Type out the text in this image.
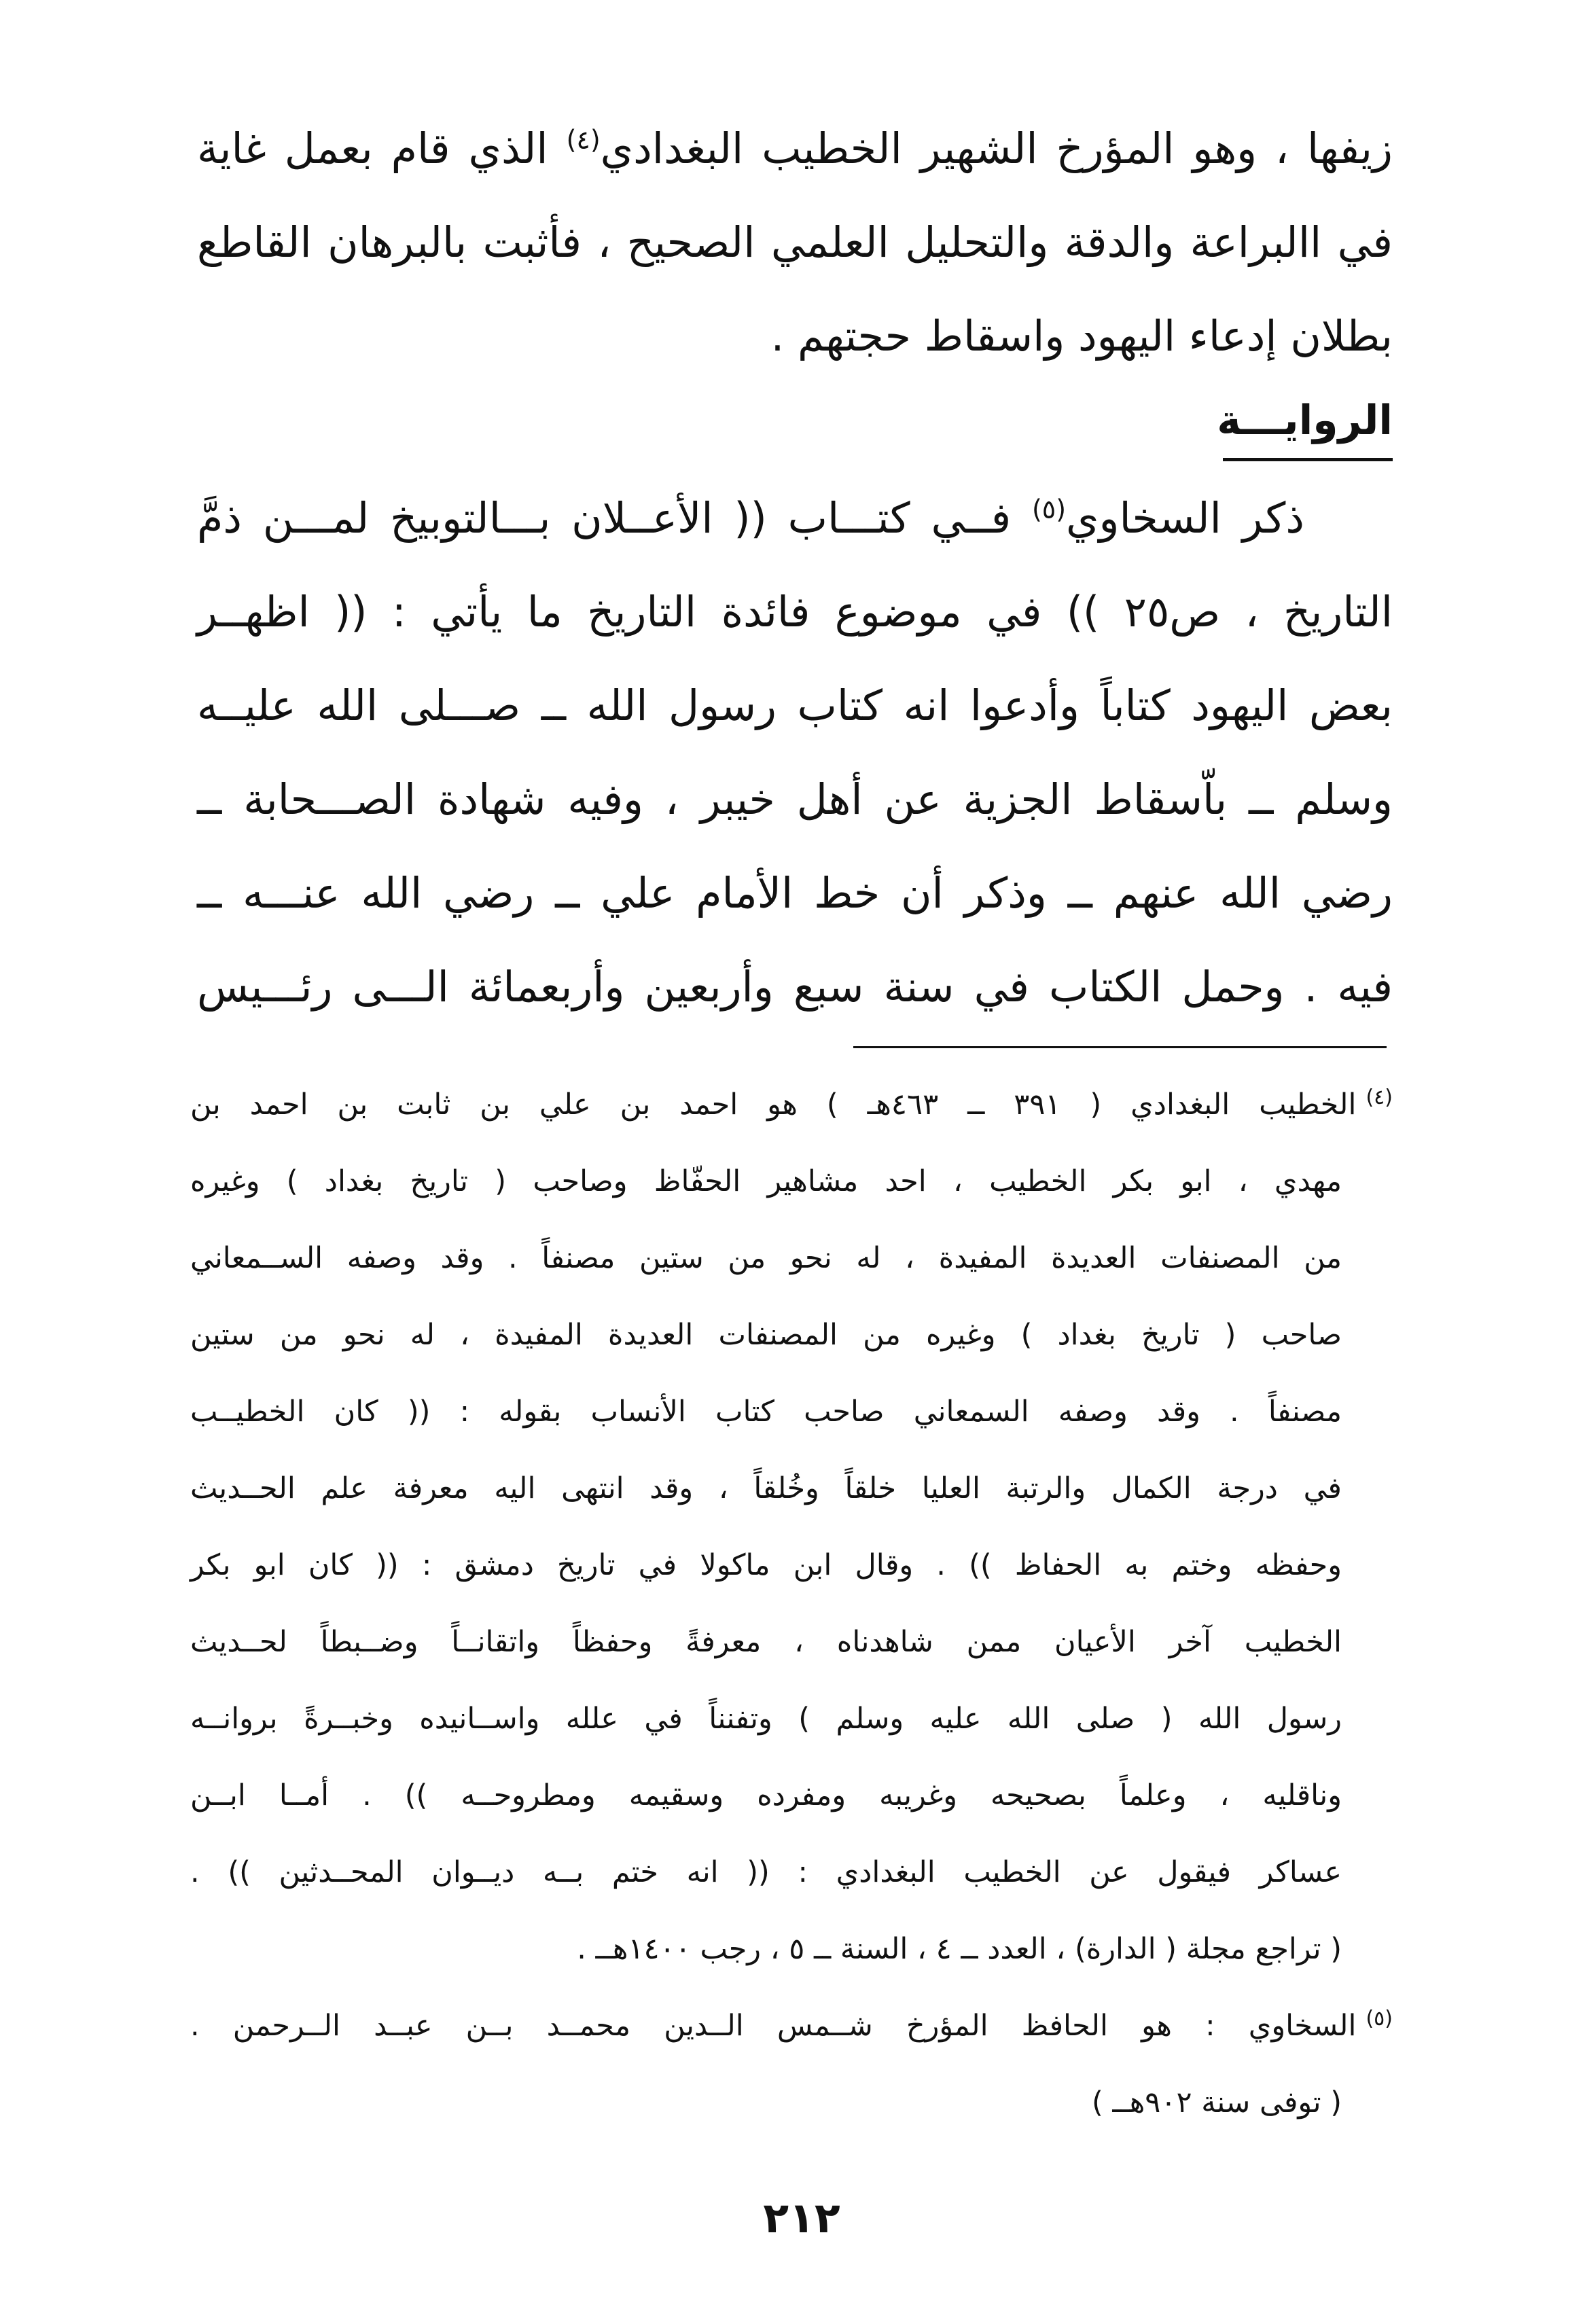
زيفها ، وهو المؤرخ الشهير الخطيب البغدادي$^{(٤)}$ الذي قام بعمل غاية
في االبراعة والدقة والتحليل العلمي الصحيح ، فأثبت بالبرهان القاطع
بطلان إدعاء اليهود واسقاط حجتهم .
الروايـــة
ذكر السخاوي$^{(٥)}$ فــي كتـــاب (( الأعــلان بـــالتوبيخ لمـــن ذمَّ
التاريخ ، ص٢٥ )) في موضوع فائدة التاريخ ما يأتي : (( اظهــر
بعض اليهود كتاباً وأدعوا انه كتاب رسول الله ــ صـــلى الله عليــه
وسلم ــ باّسقاط الجزية عن أهل خيبر ، وفيه شهادة الصـــحابة ــ
رضي الله عنهم ــ وذكر أن خط الأمام علي ــ رضي الله عنـــه ــ
فيه . وحمل الكتاب في سنة سبع وأربعين وأربعمائة الـــى رئـــيس
$^{(٤)}$الخطيب البغدادي ( ٣٩١ ــ ٤٦٣هـ ) هو احمد بن علي بن ثابت بن احمد بن
مهدي ، ابو بكر الخطيب ، احد مشاهير الحفّاظ وصاحب ( تاريخ بغداد ) وغيره
من المصنفات العديدة المفيدة ، له نحو من ستين مصنفاً . وقد وصفه الســمعاني
صاحب ( تاريخ بغداد ) وغيره من المصنفات العديدة المفيدة ، له نحو من ستين
مصنفاً . وقد وصفه السمعاني صاحب كتاب الأنساب بقوله : (( كان الخطيــب
في درجة الكمال والرتبة العليا خلقاً وخُلقاً ، وقد انتهى اليه معرفة علم الحــديث
وحفظه وختم به الحفاظ )) . وقال ابن ماكولا في تاريخ دمشق : (( كان ابو بكر
الخطيب آخر الأعيان ممن شاهدناه ، معرفةً وحفظاً واتقانــاً وضــبطاً لحــديث
رسول الله ( صلى الله عليه وسلم ) وتفنناً في علله واســانيده وخبــرةً بروانــه
وناقليه ، وعلماً بصحيحه وغريبه ومفرده وسقيمه ومطروحــه )) . أمــا ابــن
عساكر فيقول عن الخطيب البغدادي : (( انه ختم بــه ديــوان المحــدثين )) .
( تراجع مجلة ( الدارة) ، العدد ــ ٤ ، السنة ــ ٥ ، رجب ١٤٠٠هــ .
$^{(٥)}$السخاوي : هو الحافظ المؤرخ شــمس الــدين محمــد بــن عبــد الــرحمن .
( توفى سنة ٩٠٢هــ )
٢١٢
